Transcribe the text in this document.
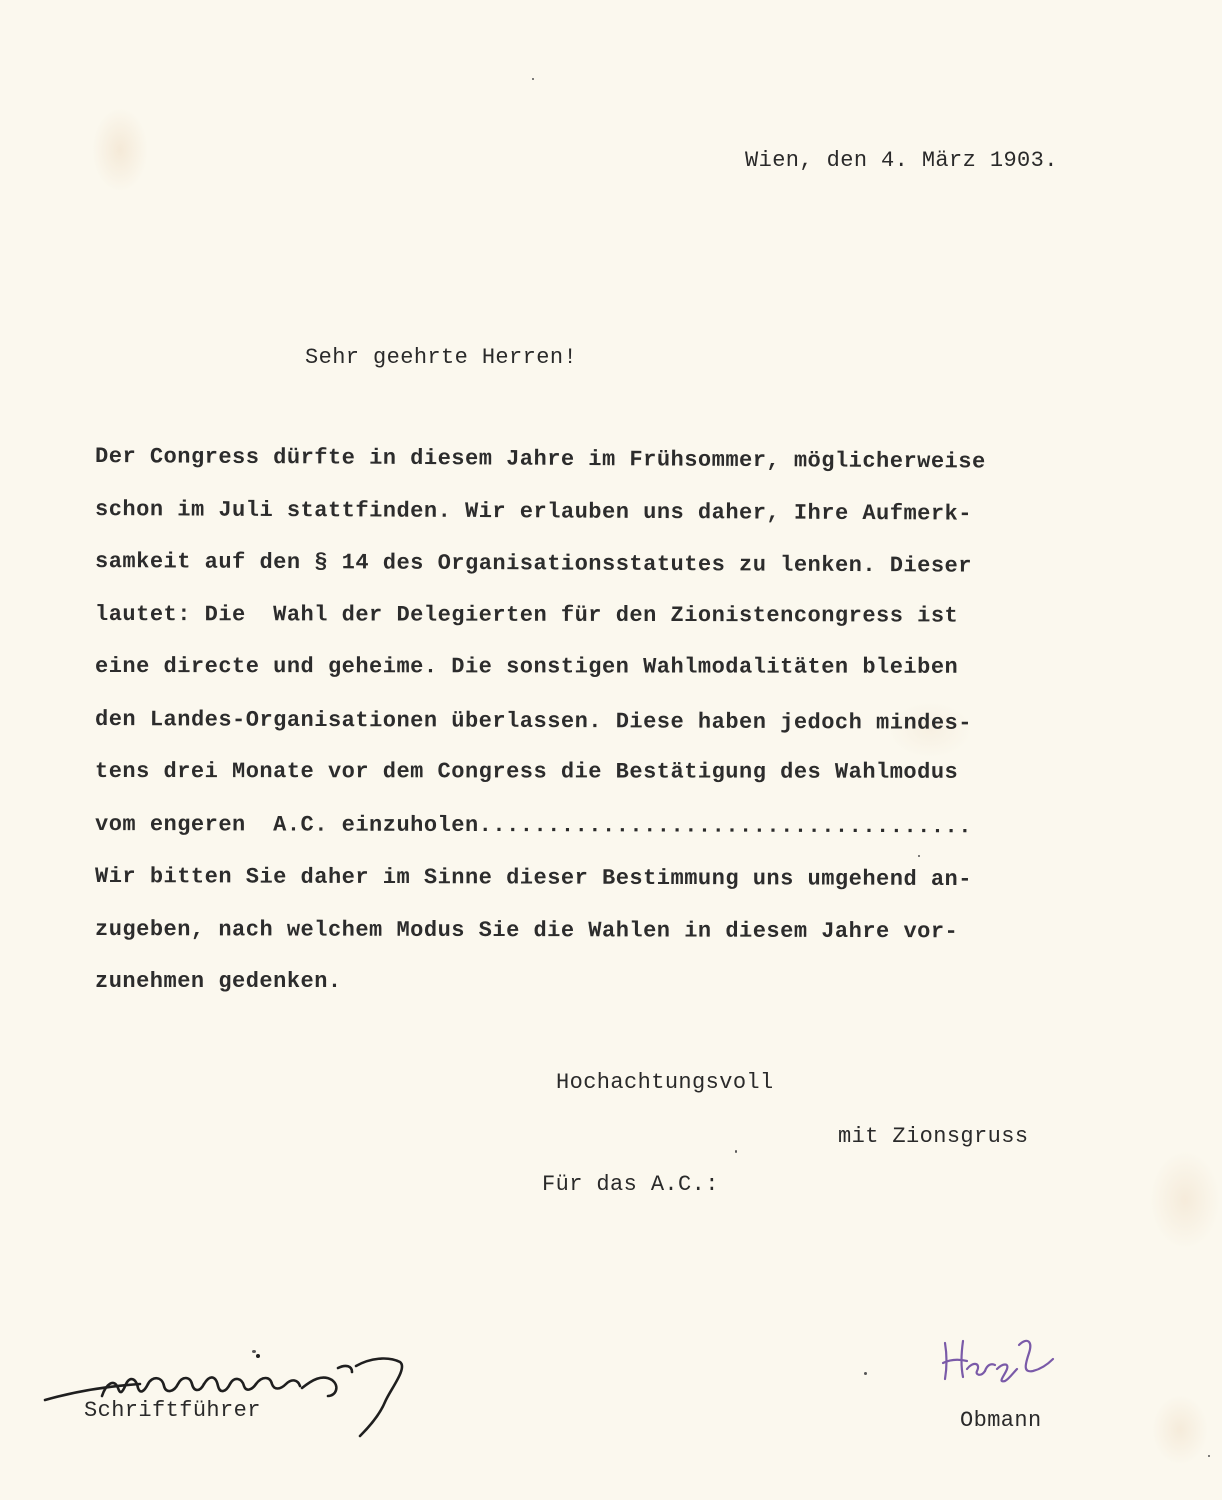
Wien, den 4. März 1903.
Sehr geehrte Herren!
Der Congress dürfte in diesem Jahre im Frühsommer, möglicherweise
schon im Juli stattfinden. Wir erlauben uns daher, Ihre Aufmerk-
samkeit auf den § 14 des Organisationsstatutes zu lenken. Dieser
lautet: Die  Wahl der Delegierten für den Zionistencongress ist
eine directe und geheime. Die sonstigen Wahlmodalitäten bleiben
den Landes-Organisationen überlassen. Diese haben jedoch mindes-
tens drei Monate vor dem Congress die Bestätigung des Wahlmodus
vom engeren  A.C. einzuholen....................................
Wir bitten Sie daher im Sinne dieser Bestimmung uns umgehend an-
zugeben, nach welchem Modus Sie die Wahlen in diesem Jahre vor-
zunehmen gedenken.
Hochachtungsvoll
mit Zionsgruss
Für das A.C.:
Schriftführer	Obmann
